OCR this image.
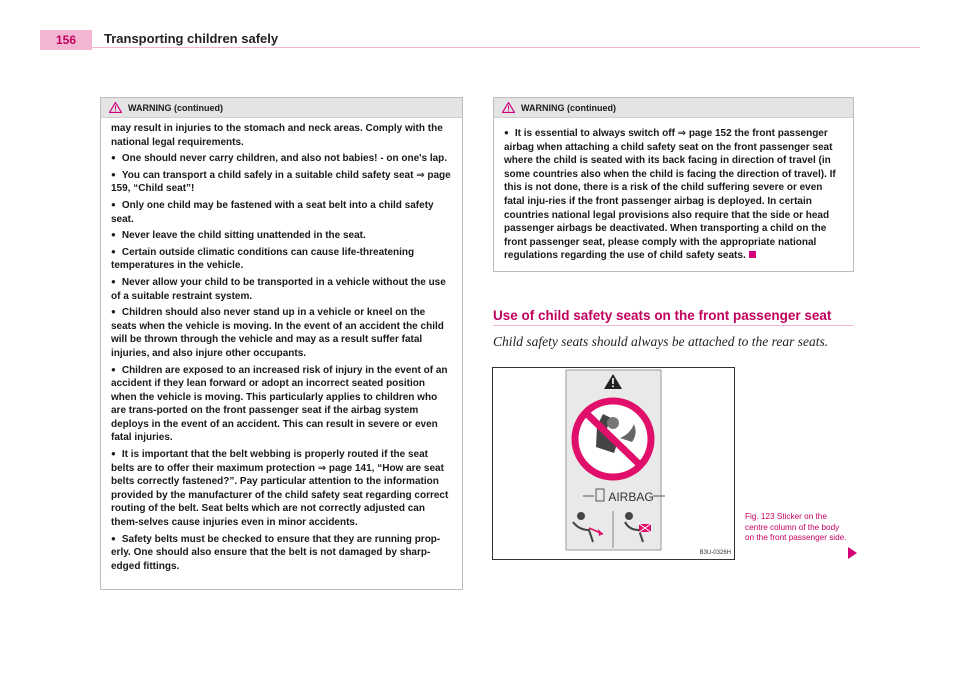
156	Transporting children safely
WARNING (continued)

may result in injuries to the stomach and neck areas. Comply with the national legal requirements.

● One should never carry children, and also not babies! - on one's lap.

● You can transport a child safely in a suitable child safety seat ⇒ page 159, “Child seat”!

● Only one child may be fastened with a seat belt into a child safety seat.

● Never leave the child sitting unattended in the seat.

● Certain outside climatic conditions can cause life-threatening temperatures in the vehicle.

● Never allow your child to be transported in a vehicle without the use of a suitable restraint system.

● Children should also never stand up in a vehicle or kneel on the seats when the vehicle is moving. In the event of an accident the child will be thrown through the vehicle and may as a result suffer fatal injuries, and also injure other occupants.

● Children are exposed to an increased risk of injury in the event of an accident if they lean forward or adopt an incorrect seated position when the vehicle is moving. This particularly applies to children who are trans-ported on the front passenger seat if the airbag system deploys in the event of an accident. This can result in severe or even fatal injuries.

● It is important that the belt webbing is properly routed if the seat belts are to offer their maximum protection ⇒ page 141, “How are seat belts correctly fastened?”. Pay particular attention to the information provided by the manufacturer of the child safety seat regarding correct routing of the belt. Seat belts which are not correctly adjusted can them-selves cause injuries even in minor accidents.

● Safety belts must be checked to ensure that they are running prop-erly. One should also ensure that the belt is not damaged by sharp-edged fittings.

WARNING (continued)

● It is essential to always switch off ⇒ page 152 the front passenger airbag when attaching a child safety seat on the front passenger seat where the child is seated with its back facing in direction of travel (in some countries also when the child is facing the direction of travel). If this is not done, there is a risk of the child suffering severe or even fatal inju-ries if the front passenger airbag is deployed. In certain countries national legal provisions also require that the side or head passenger airbags be deactivated. When transporting a child on the front passenger seat, please comply with the appropriate national regulations regarding the use of child safety seats.

Use of child safety seats on the front passenger seat
Child safety seats should always be attached to the rear seats.
AIRBAG
B3U-0326H
Fig. 123 Sticker on the centre column of the body on the front passenger side.
